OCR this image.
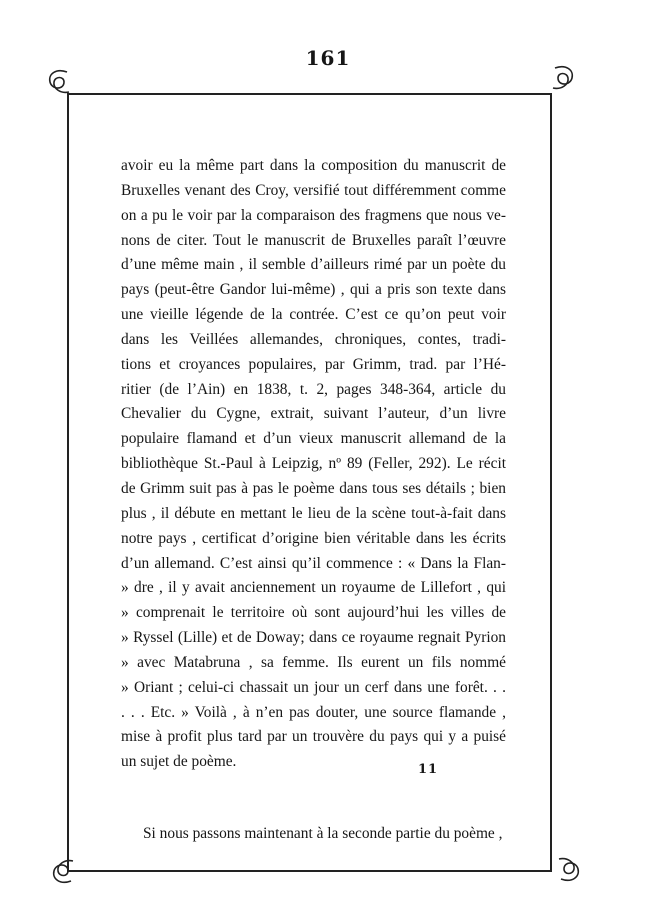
161

avoir eu la même part dans la composition du manuscrit de
Bruxelles venant des Croy, versifié tout différemment comme
on a pu le voir par la comparaison des fragmens que nous ve-
nons de citer. Tout le manuscrit de Bruxelles paraît l’œuvre
d’une même main , il semble d’ailleurs rimé par un poète du
pays (peut-être Gandor lui-même) , qui a pris son texte dans
une vieille légende de la contrée. C’est ce qu’on peut voir
dans les Veillées allemandes, chroniques, contes, tradi-
tions et croyances populaires, par Grimm, trad. par l’Hé-
ritier (de l’Ain) en 1838, t. 2, pages 348-364, article du
Chevalier du Cygne, extrait, suivant l’auteur, d’un livre
populaire flamand et d’un vieux manuscrit allemand de la
bibliothèque St.-Paul à Leipzig, nº 89 (Feller, 292). Le récit
de Grimm suit pas à pas le poème dans tous ses détails ; bien
plus , il débute en mettant le lieu de la scène tout-à-fait dans
notre pays , certificat d’origine bien véritable dans les écrits
d’un allemand. C’est ainsi qu’il commence : « Dans la Flan-
» dre , il y avait anciennement un royaume de Lillefort , qui
» comprenait le territoire où sont aujourd’hui les villes de
» Ryssel (Lille) et de Doway; dans ce royaume regnait Pyrion
» avec Matabruna , sa femme. Ils eurent un fils nommé
» Oriant ; celui-ci chassait un jour un cerf dans une forêt. . .
. . . Etc. » Voilà , à n’en pas douter, une source flamande ,
mise à profit plus tard par un trouvère du pays qui y a puisé
un sujet de poème.

Si nous passons maintenant à la seconde partie du poème ,

11
